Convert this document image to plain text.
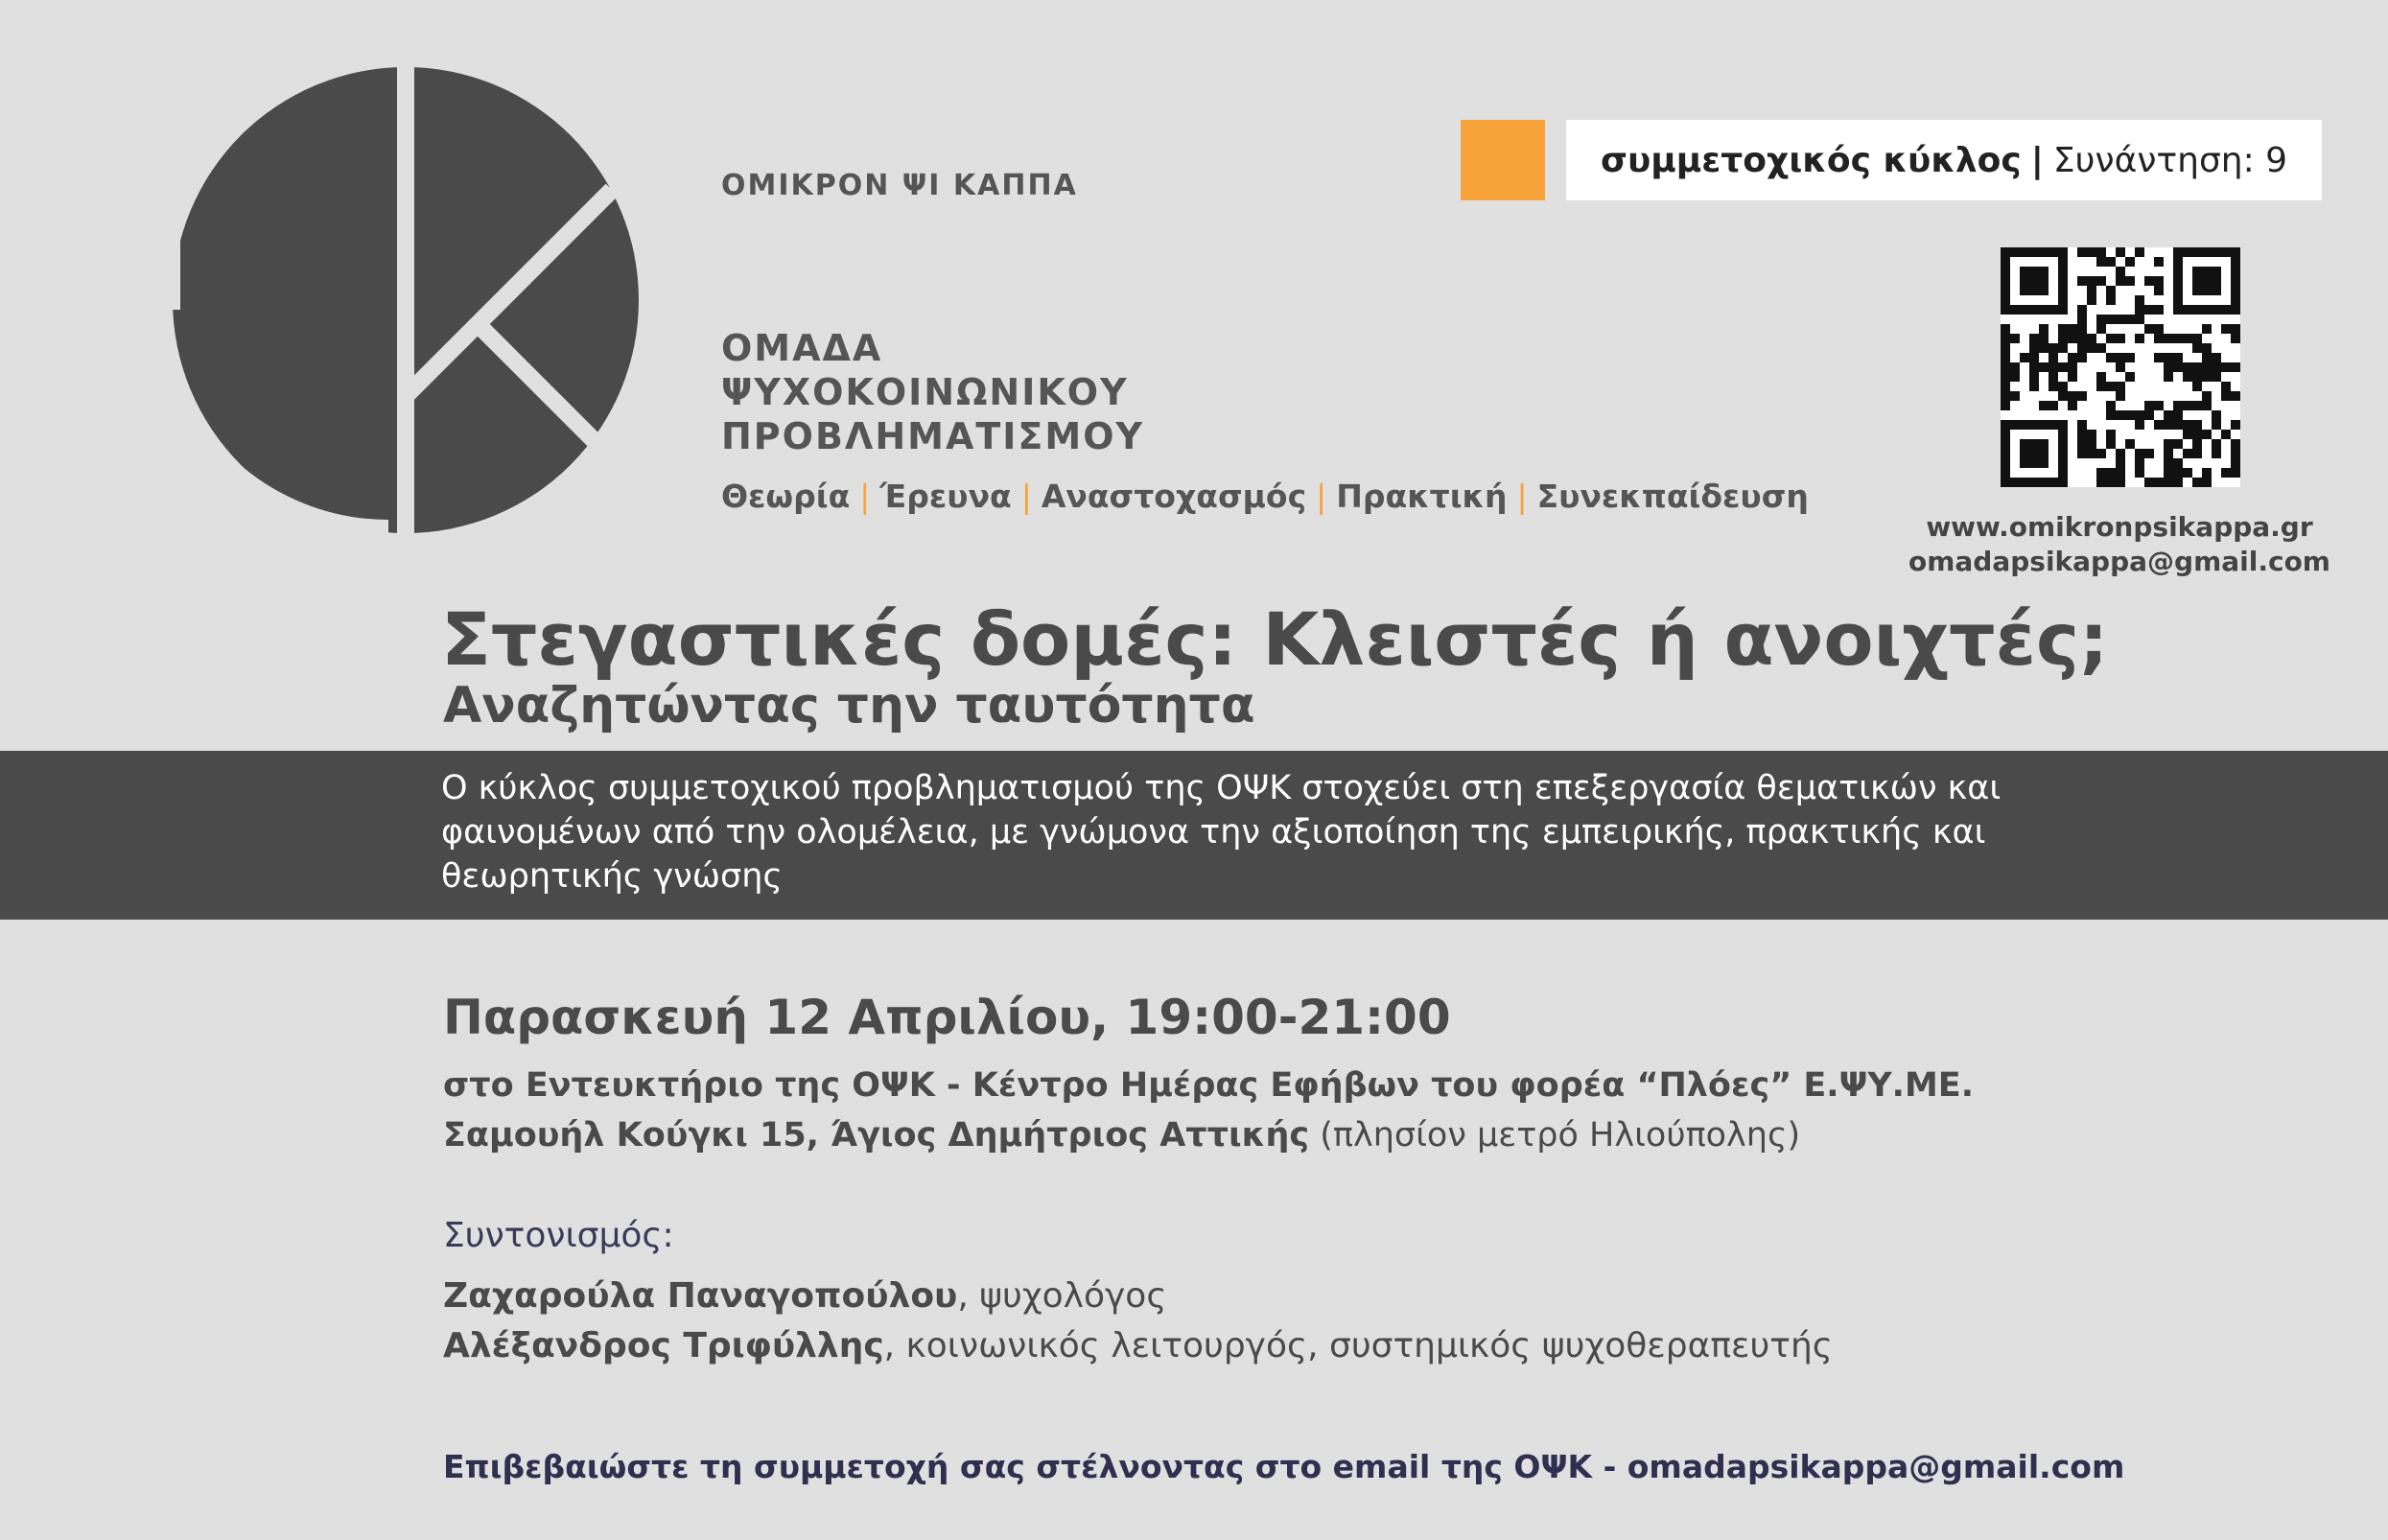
ΟΜΙΚΡΟΝ ΨΙ ΚΑΠΠΑ
ΟΜΑΔΑ
ΨΥΧΟΚΟΙΝΩΝΙΚΟΥ
ΠΡΟΒΛΗΜΑΤΙΣΜΟΥ
Θεωρία | Έρευνα | Αναστοχασμός | Πρακτική | Συνεκπαίδευση
συμμετοχικός κύκλος | Συνάντηση: 9
www.omikronpsikappa.gr
omadapsikappa@gmail.com
Στεγαστικές δομές: Κλειστές ή ανοιχτές;
Αναζητώντας την ταυτότητα
Ο κύκλος συμμετοχικού προβληματισμού της ΟΨΚ στοχεύει στη επεξεργασία θεματικών και φαινομένων από την ολομέλεια, με γνώμονα την αξιοποίηση της εμπειρικής, πρακτικής και θεωρητικής γνώσης
Παρασκευή 12 Απριλίου, 19:00-21:00
στο Εντευκτήριο της ΟΨΚ - Κέντρο Ημέρας Εφήβων του φορέα “Πλόες” Ε.ΨΥ.ΜΕ.
Σαμουήλ Κούγκι 15, Άγιος Δημήτριος Αττικής (πλησίον μετρό Ηλιούπολης)
Συντονισμός:
Ζαχαρούλα Παναγοπούλου, ψυχολόγος
Αλέξανδρος Τριφύλλης, κοινωνικός λειτουργός, συστημικός ψυχοθεραπευτής
Επιβεβαιώστε τη συμμετοχή σας στέλνοντας στο email της ΟΨΚ - omadapsikappa@gmail.com
